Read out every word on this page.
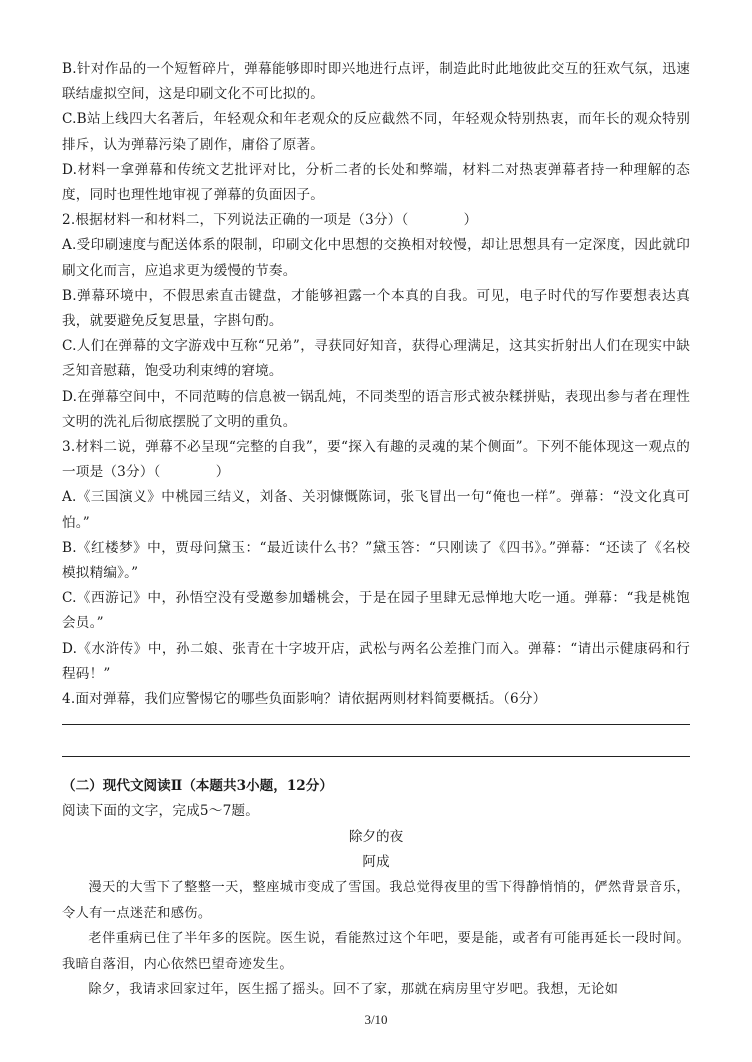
B.针对作品的一个短暂碎片，弹幕能够即时即兴地进行点评，制造此时此地彼此交互的狂欢气氛，迅速联结虚拟空间，这是印刷文化不可比拟的。

C.B站上线四大名著后，年轻观众和年老观众的反应截然不同，年轻观众特别热衷，而年长的观众特别排斥，认为弹幕污染了剧作，庸俗了原著。

D.材料一拿弹幕和传统文艺批评对比，分析二者的长处和弊端，材料二对热衷弹幕者持一种理解的态度，同时也理性地审视了弹幕的负面因子。

2.根据材料一和材料二，下列说法正确的一项是（3分）（　　　　）

A.受印刷速度与配送体系的限制，印刷文化中思想的交换相对较慢，却让思想具有一定深度，因此就印刷文化而言，应追求更为缓慢的节奏。

B.弹幕环境中，不假思索直击键盘，才能够袒露一个本真的自我。可见，电子时代的写作要想表达真我，就要避免反复思量，字斟句酌。

C.人们在弹幕的文字游戏中互称“兄弟”，寻获同好知音，获得心理满足，这其实折射出人们在现实中缺乏知音慰藉，饱受功利束缚的窘境。

D.在弹幕空间中，不同范畴的信息被一锅乱炖，不同类型的语言形式被杂糅拼贴，表现出参与者在理性文明的洗礼后彻底摆脱了文明的重负。

3.材料二说，弹幕不必呈现“完整的自我”，要“探入有趣的灵魂的某个侧面”。下列不能体现这一观点的一项是（3分）（　　　　）

A.《三国演义》中桃园三结义，刘备、关羽慷慨陈词，张飞冒出一句“俺也一样”。弹幕：“没文化真可怕。”

B.《红楼梦》中，贾母问黛玉：“最近读什么书？”黛玉答：“只刚读了《四书》。”弹幕：“还读了《名校模拟精编》。”

C.《西游记》中，孙悟空没有受邀参加蟠桃会，于是在园子里肆无忌惮地大吃一通。弹幕：“我是桃饱会员。”

D.《水浒传》中，孙二娘、张青在十字坡开店，武松与两名公差推门而入。弹幕：“请出示健康码和行程码！”

4.面对弹幕，我们应警惕它的哪些负面影响？请依据两则材料简要概括。（6分）

（二）现代文阅读Ⅱ（本题共3小题，12分）

阅读下面的文字，完成5～7题。

除夕的夜

阿成

漫天的大雪下了整整一天，整座城市变成了雪国。我总觉得夜里的雪下得静悄悄的，俨然背景音乐，令人有一点迷茫和感伤。

老伴重病已住了半年多的医院。医生说，看能熬过这个年吧，要是能，或者有可能再延长一段时间。我暗自落泪，内心依然巴望奇迹发生。

除夕，我请求回家过年，医生摇了摇头。回不了家，那就在病房里守岁吧。我想，无论如

3/10
